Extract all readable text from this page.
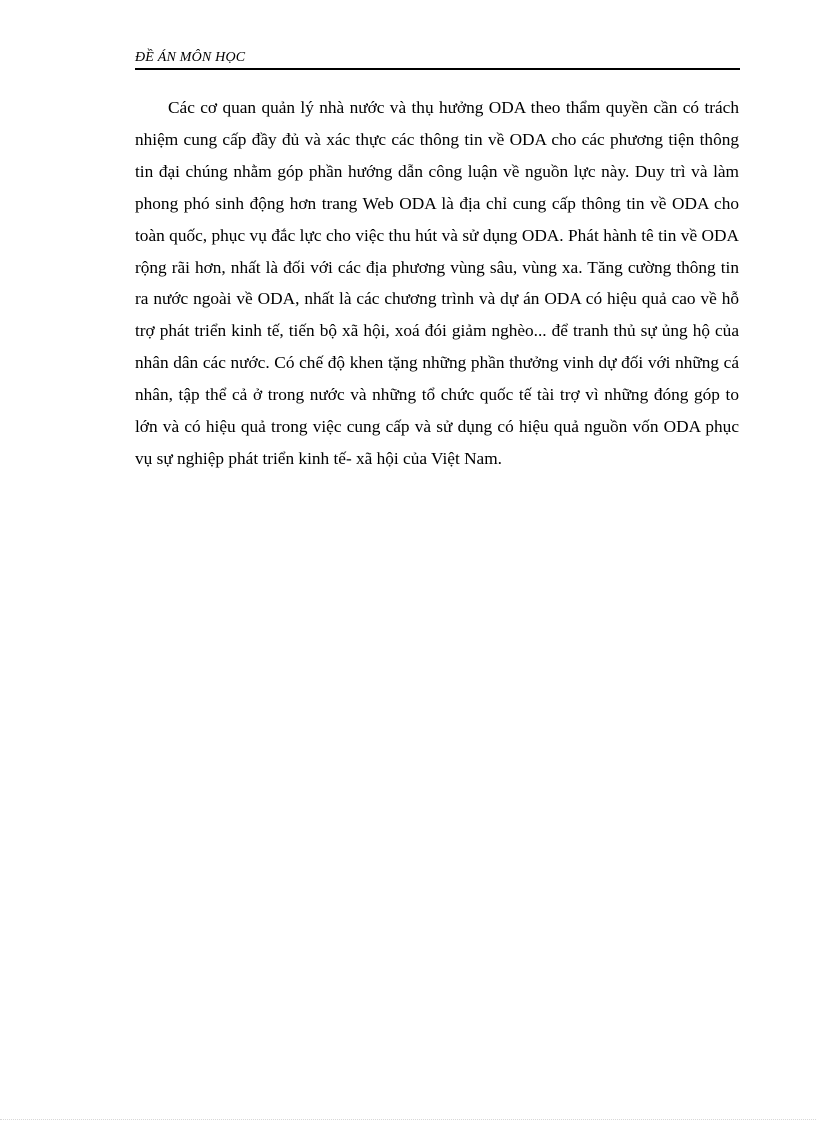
ĐỀ ÁN MÔN HỌC

Các cơ quan quản lý nhà nước và thụ hưởng ODA theo thẩm quyền cần có trách nhiệm cung cấp đầy đủ và xác thực các thông tin về ODA cho các phương tiện thông tin đại chúng nhằm góp phần hướng dẫn công luận về nguồn lực này. Duy trì và làm phong phó sinh động hơn trang Web ODA là địa chỉ cung cấp thông tin về ODA cho toàn quốc, phục vụ đắc lực cho việc thu hút và sử dụng ODA. Phát hành tê tin về ODA rộng rãi hơn, nhất là đối với các địa phương vùng sâu, vùng xa. Tăng cường thông tin ra nước ngoài về ODA, nhất là các chương trình và dự án ODA có hiệu quả cao về hỗ trợ phát triển kinh tế, tiến bộ xã hội, xoá đói giảm nghèo... để tranh thủ sự ủng hộ của nhân dân các nước. Có chế độ khen tặng những phần thưởng vinh dự đối với những cá nhân, tập thể cả ở trong nước và những tổ chức quốc tế tài trợ vì những đóng góp to lớn và có hiệu quả trong việc cung cấp và sử dụng có hiệu quả nguồn vốn ODA phục vụ sự nghiệp phát triển kinh tế- xã hội của Việt Nam.
